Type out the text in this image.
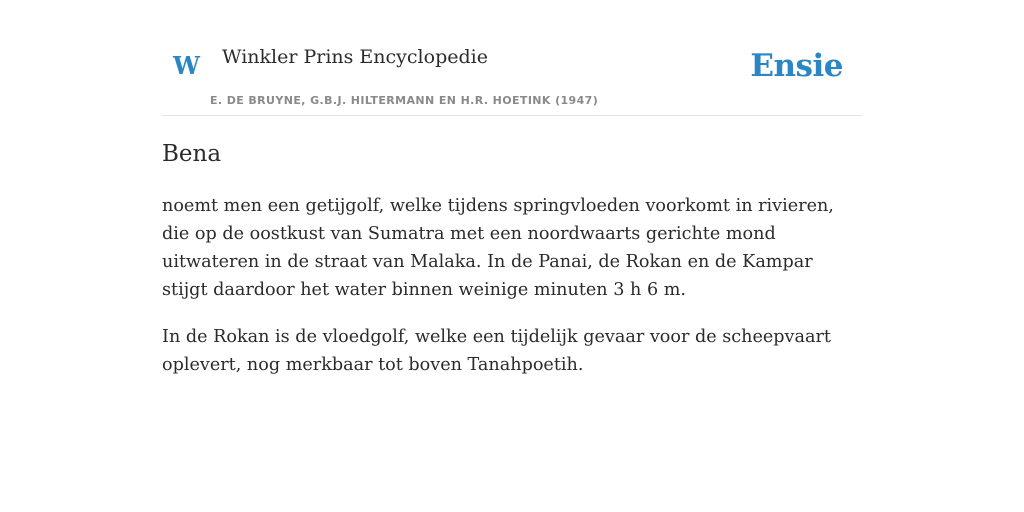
W Winkler Prins Encyclopedie
E. DE BRUYNE, G.B.J. HILTERMANN EN H.R. HOETINK (1947)
Ensie
Bena

noemt men een getijgolf, welke tijdens springvloeden voorkomt in rivieren, die op de oostkust van Sumatra met een noordwaarts gerichte mond uitwateren in de straat van Malaka. In de Panai, de Rokan en de Kampar stijgt daardoor het water binnen weinige minuten 3 h 6 m.

In de Rokan is de vloedgolf, welke een tijdelijk gevaar voor de scheepvaart oplevert, nog merkbaar tot boven Tanahpoetih.
